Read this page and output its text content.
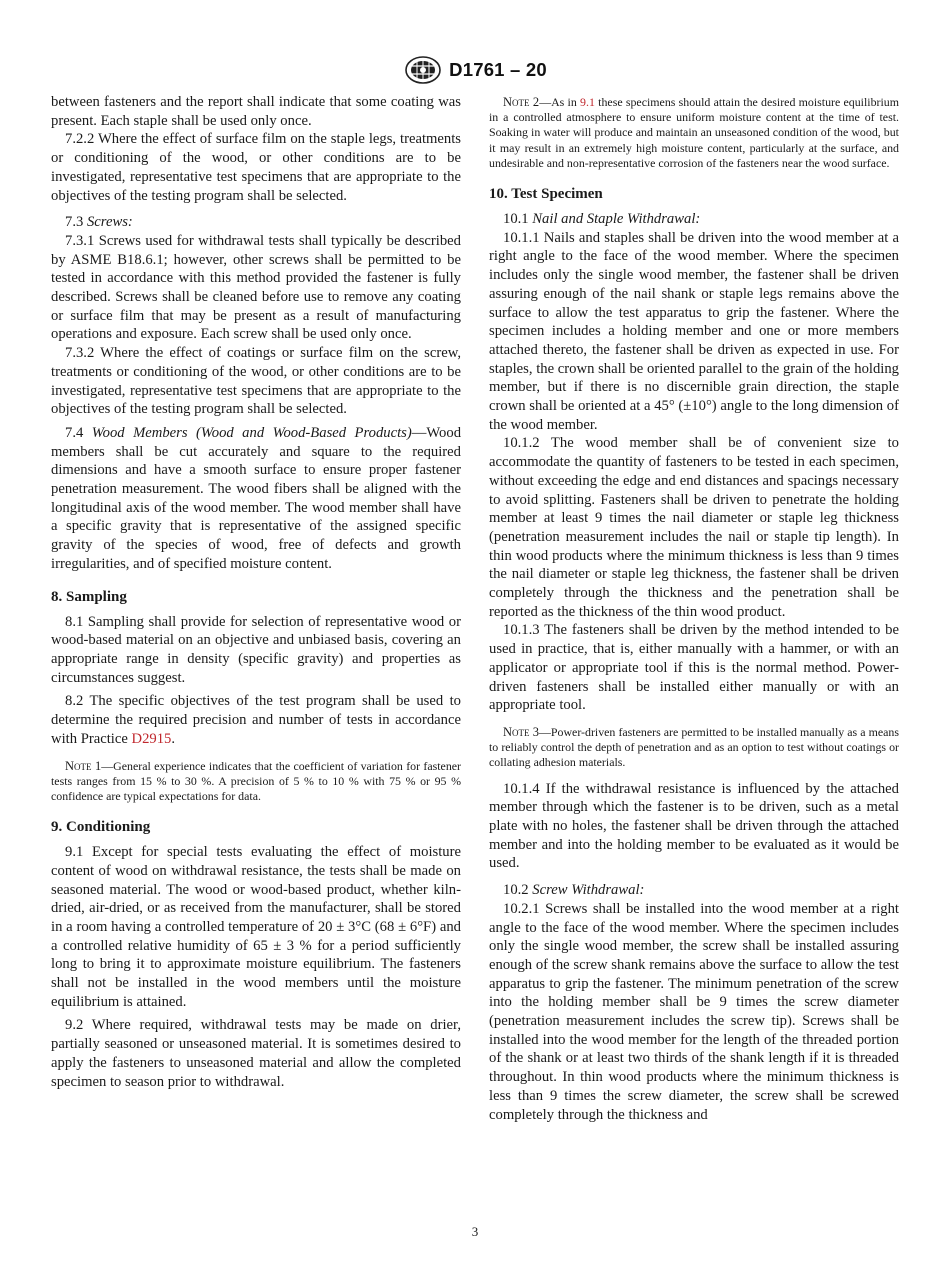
D1761 – 20

between fasteners and the report shall indicate that some coating was present. Each staple shall be used only once.

7.2.2 Where the effect of surface film on the staple legs, treatments or conditioning of the wood, or other conditions are to be investigated, representative test specimens that are appropriate to the objectives of the testing program shall be selected.

7.3 Screws:

7.3.1 Screws used for withdrawal tests shall typically be described by ASME B18.6.1; however, other screws shall be permitted to be tested in accordance with this method provided the fastener is fully described. Screws shall be cleaned before use to remove any coating or surface film that may be present as a result of manufacturing operations and exposure. Each screw shall be used only once.

7.3.2 Where the effect of coatings or surface film on the screw, treatments or conditioning of the wood, or other conditions are to be investigated, representative test specimens that are appropriate to the objectives of the testing program shall be selected.

7.4 Wood Members (Wood and Wood-Based Products)—Wood members shall be cut accurately and square to the required dimensions and have a smooth surface to ensure proper fastener penetration measurement. The wood fibers shall be aligned with the longitudinal axis of the wood member. The wood member shall have a specific gravity that is representative of the assigned specific gravity of the species of wood, free of defects and growth irregularities, and of specified moisture content.

8. Sampling

8.1 Sampling shall provide for selection of representative wood or wood-based material on an objective and unbiased basis, covering an appropriate range in density (specific gravity) and properties as circumstances suggest.

8.2 The specific objectives of the test program shall be used to determine the required precision and number of tests in accordance with Practice D2915.

Note 1—General experience indicates that the coefficient of variation for fastener tests ranges from 15 % to 30 %. A precision of 5 % to 10 % with 75 % or 95 % confidence are typical expectations for data.

9. Conditioning

9.1 Except for special tests evaluating the effect of moisture content of wood on withdrawal resistance, the tests shall be made on seasoned material. The wood or wood-based product, whether kiln-dried, air-dried, or as received from the manufacturer, shall be stored in a room having a controlled temperature of 20 ± 3°C (68 ± 6°F) and a controlled relative humidity of 65 ± 3 % for a period sufficiently long to bring it to approximate moisture equilibrium. The fasteners shall not be installed in the wood members until the moisture equilibrium is attained.

9.2 Where required, withdrawal tests may be made on drier, partially seasoned or unseasoned material. It is sometimes desired to apply the fasteners to unseasoned material and allow the completed specimen to season prior to withdrawal.

Note 2—As in 9.1 these specimens should attain the desired moisture equilibrium in a controlled atmosphere to ensure uniform moisture content at the time of test. Soaking in water will produce and maintain an unseasoned condition of the wood, but it may result in an extremely high moisture content, particularly at the surface, and undesirable and non-representative corrosion of the fasteners near the wood surface.

10. Test Specimen

10.1 Nail and Staple Withdrawal:

10.1.1 Nails and staples shall be driven into the wood member at a right angle to the face of the wood member. Where the specimen includes only the single wood member, the fastener shall be driven assuring enough of the nail shank or staple legs remains above the surface to allow the test apparatus to grip the fastener. Where the specimen includes a holding member and one or more members attached thereto, the fastener shall be driven as expected in use. For staples, the crown shall be oriented parallel to the grain of the holding member, but if there is no discernible grain direction, the staple crown shall be oriented at a 45° (±10°) angle to the long dimension of the wood member.

10.1.2 The wood member shall be of convenient size to accommodate the quantity of fasteners to be tested in each specimen, without exceeding the edge and end distances and spacings necessary to avoid splitting. Fasteners shall be driven to penetrate the holding member at least 9 times the nail diameter or staple leg thickness (penetration measurement includes the nail or staple tip length). In thin wood products where the minimum thickness is less than 9 times the nail diameter or staple leg thickness, the fastener shall be driven completely through the thickness and the penetration shall be reported as the thickness of the thin wood product.

10.1.3 The fasteners shall be driven by the method intended to be used in practice, that is, either manually with a hammer, or with an applicator or appropriate tool if this is the normal method. Power-driven fasteners shall be installed either manually or with an appropriate tool.

Note 3—Power-driven fasteners are permitted to be installed manually as a means to reliably control the depth of penetration and as an option to test without coatings or collating adhesion materials.

10.1.4 If the withdrawal resistance is influenced by the attached member through which the fastener is to be driven, such as a metal plate with no holes, the fastener shall be driven through the attached member and into the holding member to be evaluated as it would be used.

10.2 Screw Withdrawal:

10.2.1 Screws shall be installed into the wood member at a right angle to the face of the wood member. Where the specimen includes only the single wood member, the screw shall be installed assuring enough of the screw shank remains above the surface to allow the test apparatus to grip the fastener. The minimum penetration of the screw into the holding member shall be 9 times the screw diameter (penetration measurement includes the screw tip). Screws shall be installed into the wood member for the length of the threaded portion of the shank or at least two thirds of the shank length if it is threaded throughout. In thin wood products where the minimum thickness is less than 9 times the screw diameter, the screw shall be screwed completely through the thickness and

3
